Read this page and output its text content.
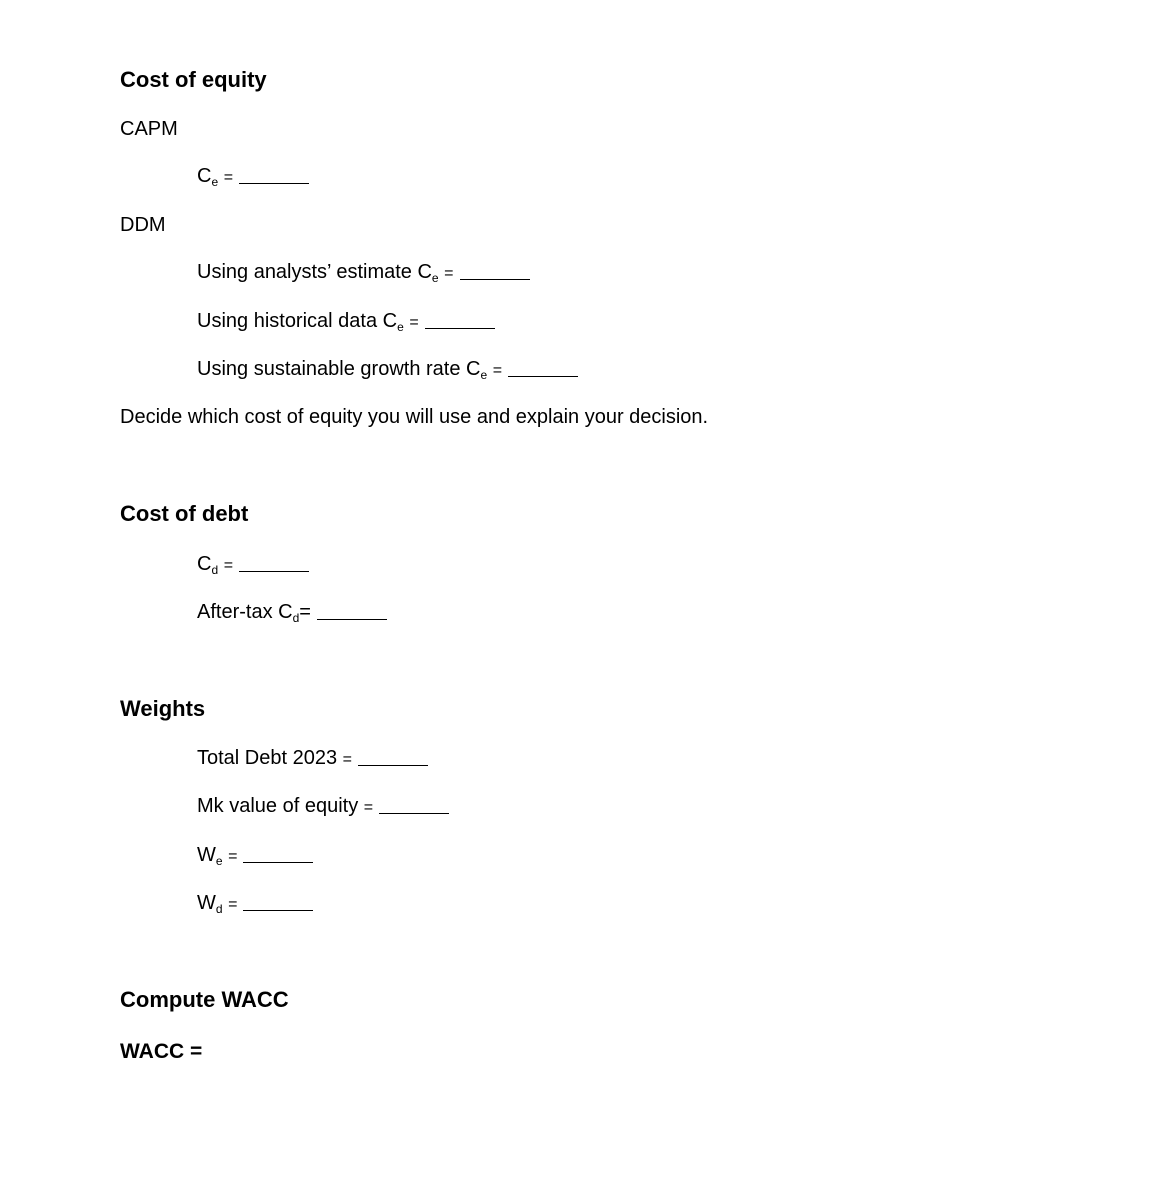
Cost of equity
CAPM
$C_e$ =
DDM
Using analysts’ estimate $C_e$ =
Using historical data $C_e$ =
Using sustainable growth rate $C_e$ =
Decide which cost of equity you will use and explain your decision.
Cost of debt
$C_d$ =
After-tax $C_d=$
Weights
Total Debt 2023 =
Mk value of equity =
$W_e$ =
$W_d$ =
Compute WACC
WACC =
